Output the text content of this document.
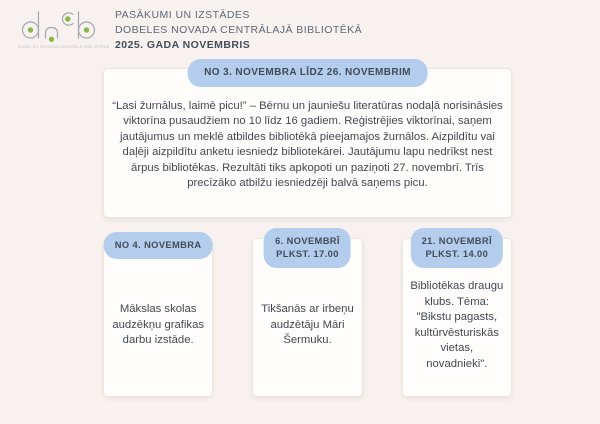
DOBELES NOVADA CENTRĀLĀ BIBLIOTĒKA
PASĀKUMI UN IZSTĀDES
DOBELES NOVADA CENTRĀLAJĀ BIBLIOTĒKĀ
2025. GADA NOVEMBRIS
NO 3. NOVEMBRA LĪDZ 26. NOVEMBRIM

“Lasi žurnālus, laimē picu!” – Bērnu un jauniešu literatūras nodaļā norisināsies viktorīna pusaudžiem no 10 līdz 16 gadiem. Reģistrējies viktorīnai, saņem jautājumus un meklē atbildes bibliotēkā pieejamajos žurnālos. Aizpildītu vai daļēji aizpildītu anketu iesniedz bibliotekārei. Jautājumu lapu nedrīkst nest ārpus bibliotēkas. Rezultāti tiks apkopoti un paziņoti 27. novembrī. Trīs precīzāko atbilžu iesniedzēji balvā saņems picu.

NO 4. NOVEMBRA

Mākslas skolas audzēkņu grafikas darbu izstāde.

6. NOVEMBRĪ
PLKST. 17.00

Tikšanās ar irbeņu audzētāju Māri Šermuku.

21. NOVEMBRĪ
PLKST. 14.00

Bibliotēkas draugu klubs. Tēma: "Bikstu pagasts, kultūrvēsturiskās vietas, novadnieki".
